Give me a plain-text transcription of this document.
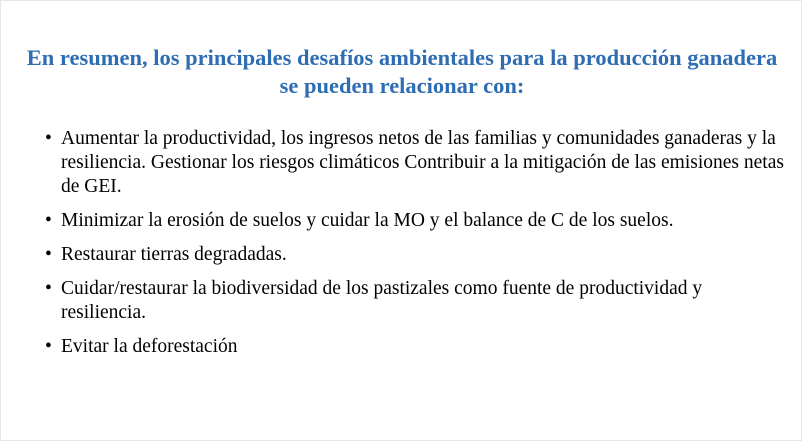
En resumen, los principales desafíos ambientales para la producción ganadera se pueden relacionar con:
• Aumentar la productividad, los ingresos netos de las familias y comunidades ganaderas y la resiliencia. Gestionar los riesgos climáticos Contribuir a la mitigación de las emisiones netas de GEI.
• Minimizar la erosión de suelos y cuidar la MO y el balance de C de los suelos.
• Restaurar tierras degradadas.
• Cuidar/restaurar la biodiversidad de los pastizales como fuente de productividad y resiliencia.
• Evitar la deforestación
